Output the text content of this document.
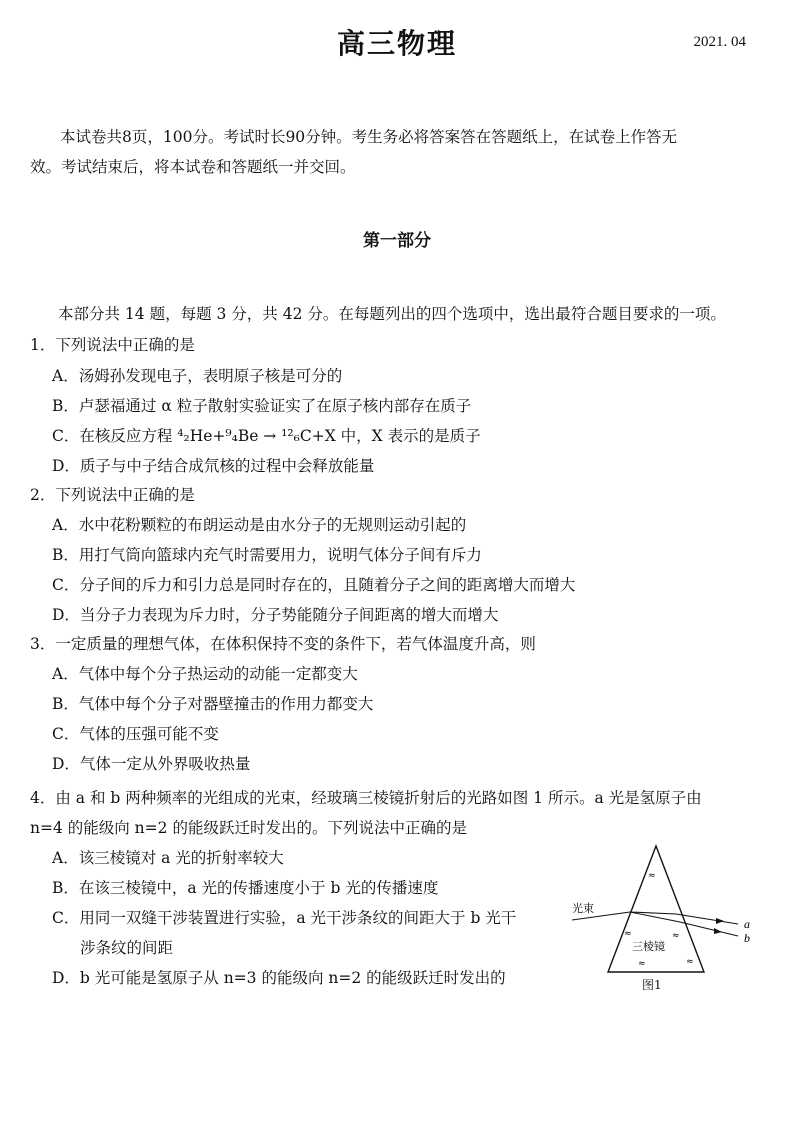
高三物理	2021. 04
本试卷共8页，100分。考试时长90分钟。考生务必将答案答在答题纸上，在试卷上作答无
效。考试结束后，将本试卷和答题纸一并交回。
第一部分
本部分共 14 题，每题 3 分，共 42 分。在每题列出的四个选项中，选出最符合题目要求的一项。
1．下列说法中正确的是
A．汤姆孙发现电子，表明原子核是可分的
B．卢瑟福通过 α 粒子散射实验证实了在原子核内部存在质子
C．在核反应方程 ⁴₂He+⁹₄Be → ¹²₆C+X 中，X 表示的是质子
D．质子与中子结合成氘核的过程中会释放能量
2．下列说法中正确的是
A．水中花粉颗粒的布朗运动是由水分子的无规则运动引起的
B．用打气筒向篮球内充气时需要用力，说明气体分子间有斥力
C．分子间的斥力和引力总是同时存在的，且随着分子之间的距离增大而增大
D．当分子力表现为斥力时，分子势能随分子间距离的增大而增大
3．一定质量的理想气体，在体积保持不变的条件下，若气体温度升高，则
A．气体中每个分子热运动的动能一定都变大
B．气体中每个分子对器壁撞击的作用力都变大
C．气体的压强可能不变
D．气体一定从外界吸收热量
4．由 a 和 b 两种频率的光组成的光束，经玻璃三棱镜折射后的光路如图 1 所示。a 光是氢原子由
n=4 的能级向 n=2 的能级跃迁时发出的。下列说法中正确的是
A．该三棱镜对 a 光的折射率较大
B．在该三棱镜中，a 光的传播速度小于 b 光的传播速度
C．用同一双缝干涉装置进行实验，a 光干涉条纹的间距大于 b 光干
涉条纹的间距
D．b 光可能是氢原子从 n=3 的能级向 n=2 的能级跃迁时发出的
光束
a
b
三棱镜
≈
≈	≈
≈	≈
图1
